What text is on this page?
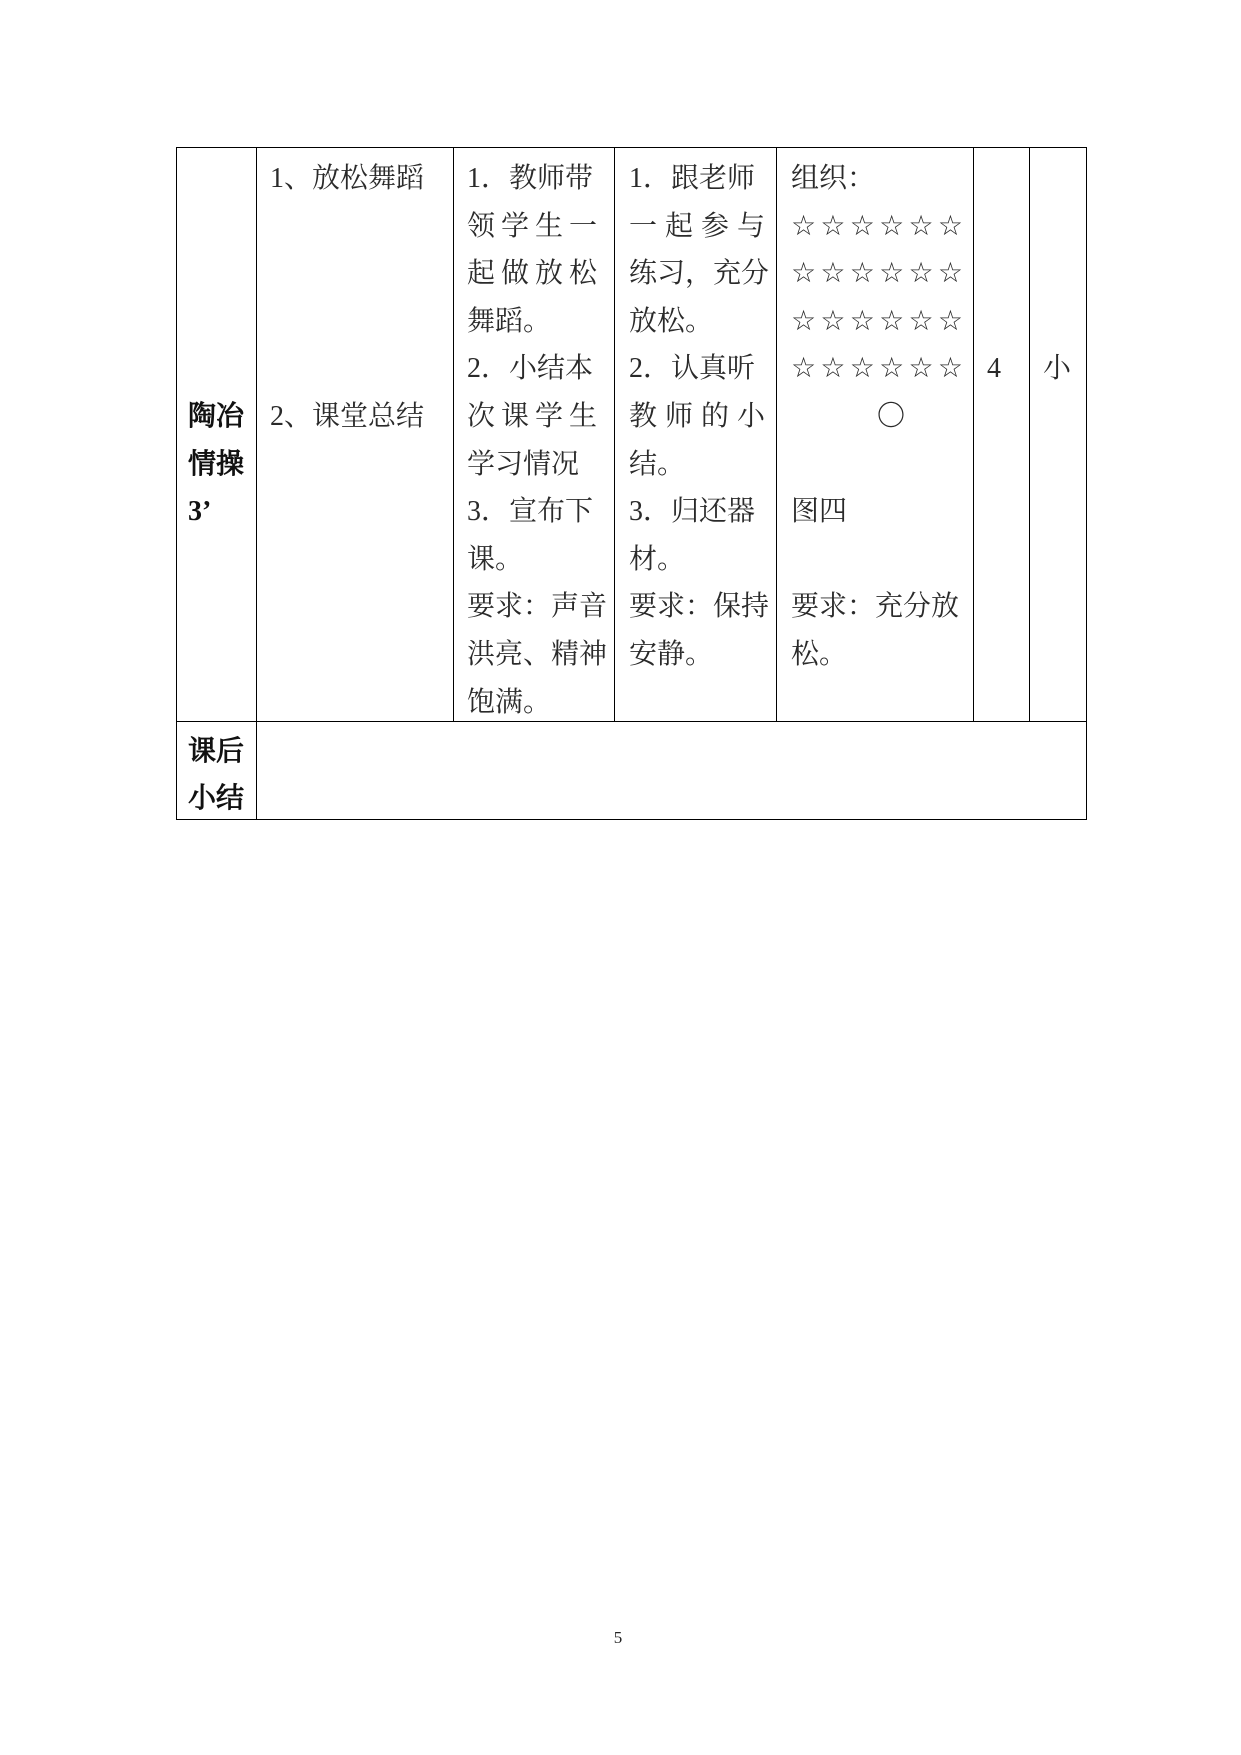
陶冶
情操
3’
1、放松舞蹈
2、课堂总结
1．教师带
领 学 生 一
起 做 放 松
舞蹈。
2．小结本
次 课 学 生
学习情况
3．宣布下
课。
要求：声音
洪亮、精神
饱满。
1．跟老师
一 起 参 与
练习，充分
放松。
2．认真听
教 师 的 小
结。
3．归还器
材。
要求：保持
安静。
组织：
☆ ☆ ☆ ☆ ☆ ☆
☆ ☆ ☆ ☆ ☆ ☆
☆ ☆ ☆ ☆ ☆ ☆
☆ ☆ ☆ ☆ ☆ ☆
〇
图四
要求：充分放
松。
4 小
课后
小结
5
